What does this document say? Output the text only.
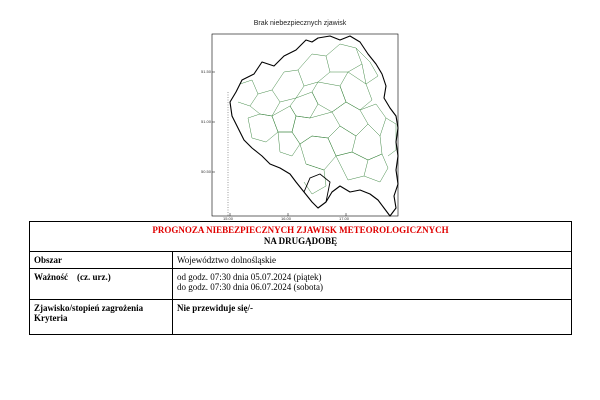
Brak niebezpiecznych zjawisk
51.50
51.00
50.50
15.00	16.00	17.00
PROGNOZA NIEBEZPIECZNYCH ZJAWISK METEOROLOGICZNYCH
NA DRUGĄDOBĘ	

Obszar	Województwo dolnośląskie
Ważność    (cz. urz.)	od godz. 07:30 dnia 05.07.2024 (piątek)
do godz. 07:30 dnia 06.07.2024 (sobota)

Zjawisko/stopień zagrożenia
Kryteria	Nie przewiduje się/-
